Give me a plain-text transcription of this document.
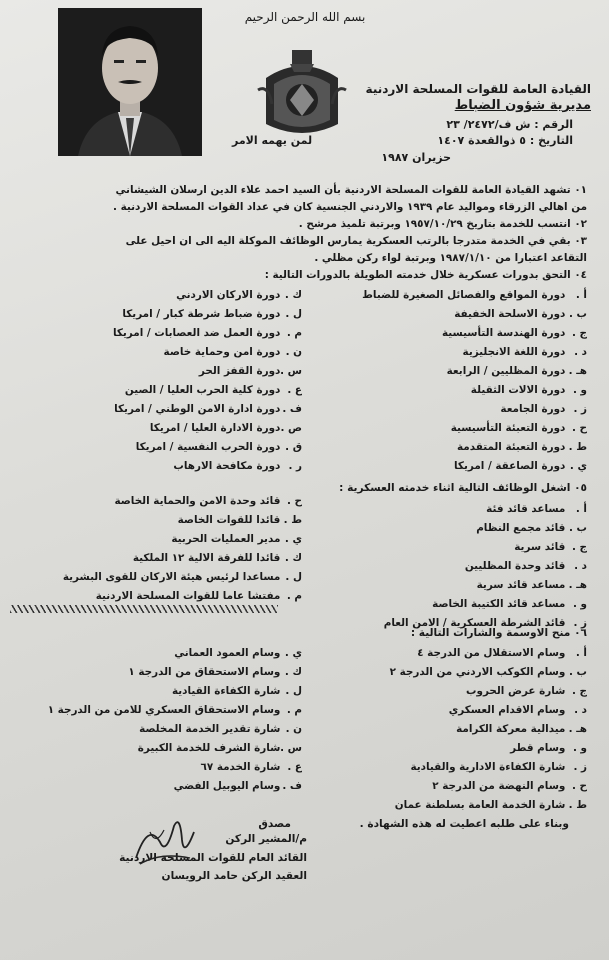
بسم الله الرحمن الرحيم
القيادة العامة للقوات المسلحة الاردنية
مديرية شؤون الضباط
الرقم : ش ف/٢٤٧٢/ ٢٣
التاريخ : ٥ ذوالقعدة ١٤٠٧
حزيران ١٩٨٧
لمن يهمه الامر
٠١ تشهد القيادة العامة للقوات المسلحة الاردنية بأن السيد احمد علاء الدين ارسلان الشيشاني
من اهالي الزرقاء ومواليد عام ١٩٣٩ والاردني الجنسية كان في عداد القوات المسلحة الاردنية .
٠٢ انتسب للخدمة بتاريخ ١٩٥٧/١٠/٢٩ وبرتبة تلميذ مرشح .
٠٣ بقي في الخدمة متدرجا بالرتب العسكرية يمارس الوظائف الموكلة اليه الى ان احيل على
التقاعد اعتبارا من ١٩٨٧/١/١٠ وبرتبة لواء ركن مظلي .
٠٤ التحق بدورات عسكرية خلال خدمته الطويلة بالدورات التالية :
أ . دورة المواقع والفصائل الصغيرة للضباط
ب . دورة الاسلحة الخفيفة
ج . دورة الهندسة التأسيسية
د . دورة اللغة الانجليزية
هـ . دورة المظليين / الرابعة
و . دورة الالات الثقيلة
ز . دورة الجامعة
ح . دورة التعبئة التأسيسية
ط . دورة التعبئة المتقدمة
ي . دورة الصاعقة / امريكا
ك . دورة الاركان الاردني
ل . دورة ضباط شرطة كبار / امريكا
م . دورة العمل ضد العصابات / امريكا
ن . دورة امن وحماية خاصة
س . دورة القفز الحر
ع . دورة كلية الحرب العليا / الصين
ف . دورة ادارة الامن الوطني / امريكا
ص . دورة الادارة العليا / امريكا
ق . دورة الحرب النفسية / امريكا
ر . دورة مكافحة الارهاب
٠٥ اشغل الوظائف التالية اثناء خدمته العسكرية :
أ . مساعد قائد فئة
ب . قائد مجمع النظام
ج . قائد سرية
د . قائد وحدة المظليين
هـ . مساعد قائد سرية
و . مساعد قائد الكتيبة الخاصة
ز . قائد الشرطة العسكرية / الامن العام
ح . قائد وحدة الامن والحماية الخاصة
ط . قائدا للقوات الخاصة
ي . مدير العمليات الحربية
ك . قائدا للفرقة الالية ١٢ الملكية
ل . مساعدا لرئيس هيئة الاركان للقوى البشرية
م . مفتشا عاما للقوات المسلحة الاردنية
٠٦ منح الاوسمة والشارات التالية :
أ . وسام الاستقلال من الدرجة ٤
ب . وسام الكوكب الاردني من الدرجة ٢
ج . شارة عرض الحروب
د . وسام الاقدام العسكري
هـ . ميدالية معركة الكرامة
و . وسام قطر
ز . شارة الكفاءة الادارية والقيادية
ح . وسام النهضة من الدرجة ٢
ط . شارة الخدمة العامة بسلطنة عمان
ي . وسام العمود العماني
ك . وسام الاستحقاق من الدرجة ١
ل . شارة الكفاءة القيادية
م . وسام الاستحقاق العسكري للامن من الدرجة ١
ن . شارة تقدير الخدمة المخلصة
س . شارة الشرف للخدمة الكبيرة
ع . شارة الخدمة ٦٧
ف . وسام اليوبيل الفضي
وبناء على طلبه اعطيت له هذه الشهادة .
مصدق
م/المشير الركن
القائد العام للقوات المسلحة الاردنية
العقيد الركن حامد الرويسان
